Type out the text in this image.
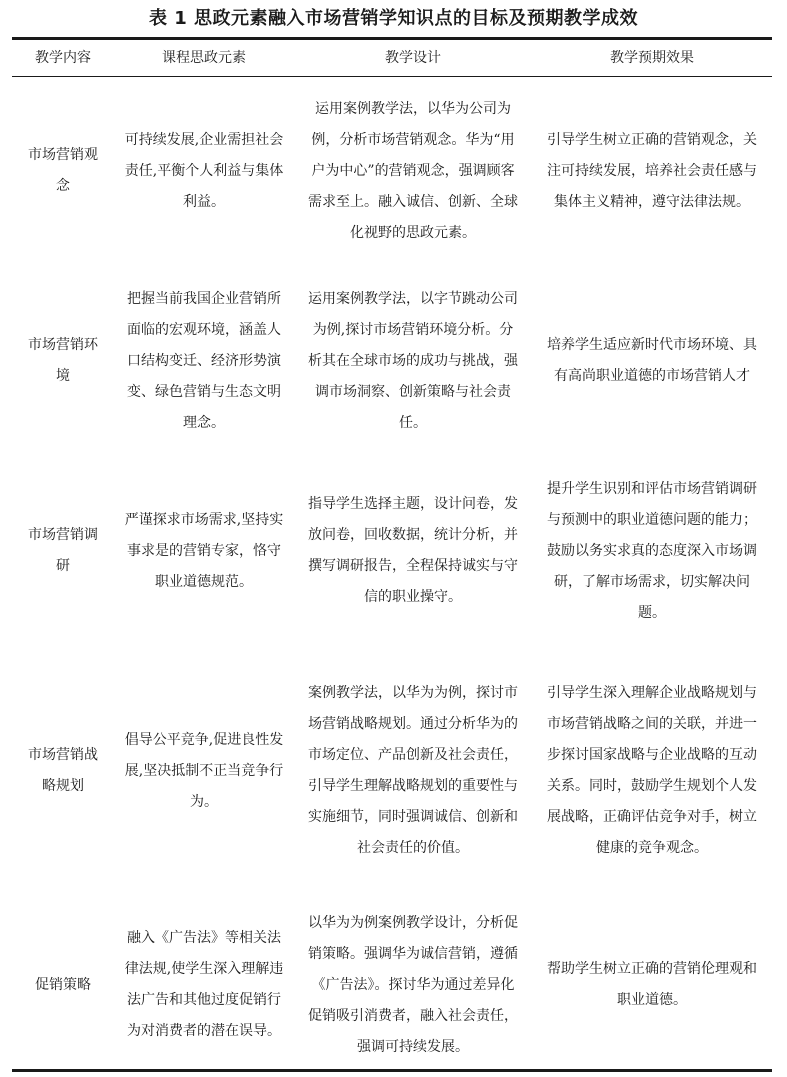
表 1 思政元素融入市场营销学知识点的目标及预期教学成效
教学内容	课程思政元素	教学设计	教学预期效果

市场营销观念	可持续发展,企业需担社会责任,平衡个人利益与集体利益。	运用案例教学法，以华为公司为例，分析市场营销观念。华为“用户为中心”的营销观念，强调顾客需求至上。融入诚信、创新、全球化视野的思政元素。	引导学生树立正确的营销观念，关注可持续发展，培养社会责任感与集体主义精神，遵守法律法规。

市场营销环境	把握当前我国企业营销所面临的宏观环境，涵盖人口结构变迁、经济形势演变、绿色营销与生态文明理念。	运用案例教学法，以字节跳动公司为例,探讨市场营销环境分析。分析其在全球市场的成功与挑战，强调市场洞察、创新策略与社会责任。	培养学生适应新时代市场环境、具有高尚职业道德的市场营销人才

市场营销调研	严谨探求市场需求,坚持实事求是的营销专家，恪守职业道德规范。	指导学生选择主题，设计问卷，发放问卷，回收数据，统计分析，并撰写调研报告，全程保持诚实与守信的职业操守。	提升学生识别和评估市场营销调研与预测中的职业道德问题的能力；鼓励以务实求真的态度深入市场调研，了解市场需求，切实解决问题。

市场营销战略规划	倡导公平竞争,促进良性发展,坚决抵制不正当竞争行为。	案例教学法，以华为为例，探讨市场营销战略规划。通过分析华为的市场定位、产品创新及社会责任，引导学生理解战略规划的重要性与实施细节，同时强调诚信、创新和社会责任的价值。	引导学生深入理解企业战略规划与市场营销战略之间的关联，并进一步探讨国家战略与企业战略的互动关系。同时，鼓励学生规划个人发展战略，正确评估竞争对手，树立健康的竞争观念。

促销策略	融入《广告法》等相关法律法规,使学生深入理解违法广告和其他过度促销行为对消费者的潜在误导。	以华为为例案例教学设计，分析促销策略。强调华为诚信营销，遵循《广告法》。探讨华为通过差异化促销吸引消费者，融入社会责任，强调可持续发展。	帮助学生树立正确的营销伦理观和职业道德。
